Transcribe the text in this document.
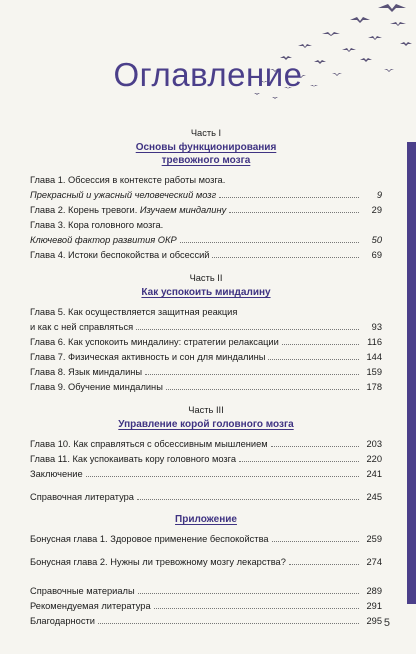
Оглавление
Часть I
Основы функционирования
тревожного мозга
Глава 1. Обсессия в контексте работы мозга.
Прекрасный и ужасный человеческий мозг	9
Глава 2. Корень тревоги. Изучаем миндалину	29
Глава 3. Кора головного мозга.
Ключевой фактор развития ОКР	50
Глава 4. Истоки беспокойства и обсессий	69
Часть II
Как успокоить миндалину
Глава 5. Как осуществляется защитная реакция
и как с ней справляться	93
Глава 6. Как успокоить миндалину: стратегии релаксации	116
Глава 7. Физическая активность и сон для миндалины	144
Глава 8. Язык миндалины	159
Глава 9. Обучение миндалины	178
Часть III
Управление корой головного мозга
Глава 10. Как справляться с обсессивным мышлением	203
Глава 11. Как успокаивать кору головного мозга	220
Заключение	241
Справочная литература	245
Приложение
Бонусная глава 1. Здоровое применение беспокойства	259
Бонусная глава 2. Нужны ли тревожному мозгу лекарства?	274
Справочные материалы	289
Рекомендуемая литература	291
Благодарности	295 5
